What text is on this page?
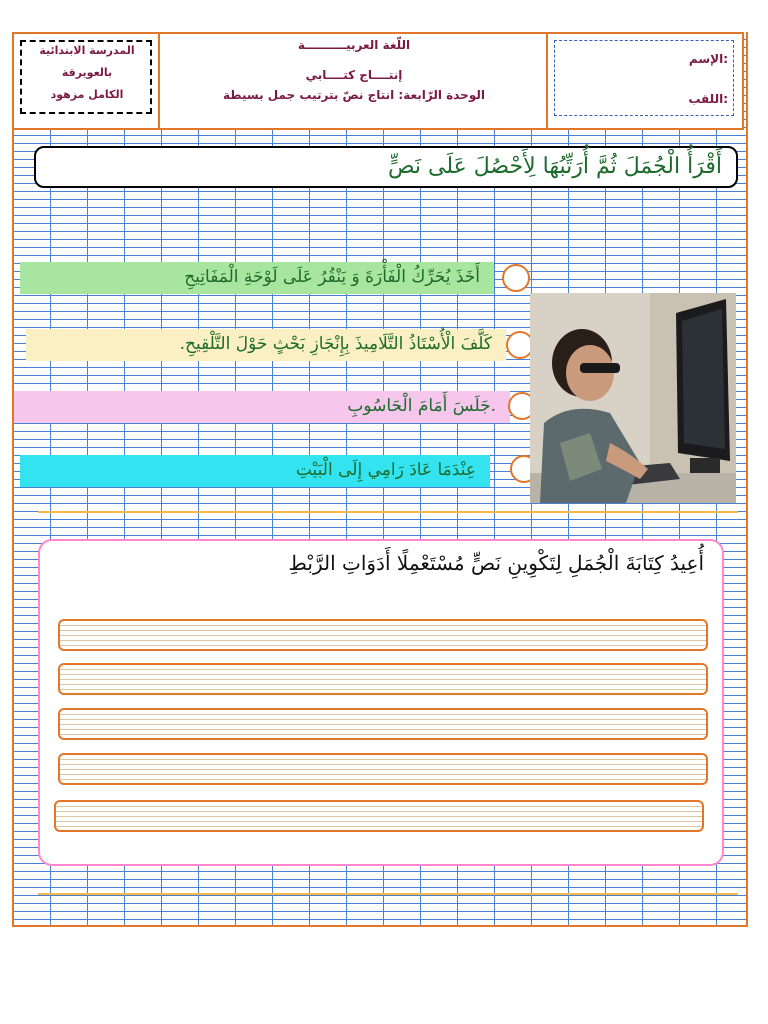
المدرسة الابتدائية
بالعويرقة
الكامل مزهود
اللّغة العربيــــــــــة
إنتــــاج كتــــابي
الوحدة الرّابعة: انتاج نصّ بترتيب جمل بسيطة
الإسم:
اللقب:
أَقْرَأُ الْجُمَلَ ثُمَّ أُرَتِّبُهَا لِأَحْصُلَ عَلَى نَصٍّ
أَخَذَ يُحَرِّكُ الْفَأْرَةَ وَ يَنْقُرُ عَلَى لَوْحَةِ الْمَفَاتِيحِ
كَلَّفَ الْأُسْتَاذُ التَّلَامِيذَ بِإِنْجَازِ بَحْثٍ حَوْلَ التَّلْقِيحِ.
.جَلَسَ أَمَامَ الْحَاسُوبِ
عِنْدَمَا عَادَ رَامِي إِلَى الْبَيْتِ
أُعِيدُ كِتَابَةَ الْجُمَلِ لِتَكْوِينِ نَصٍّ مُسْتَعْمِلًا أَدَوَاتِ الرَّبْطِ
